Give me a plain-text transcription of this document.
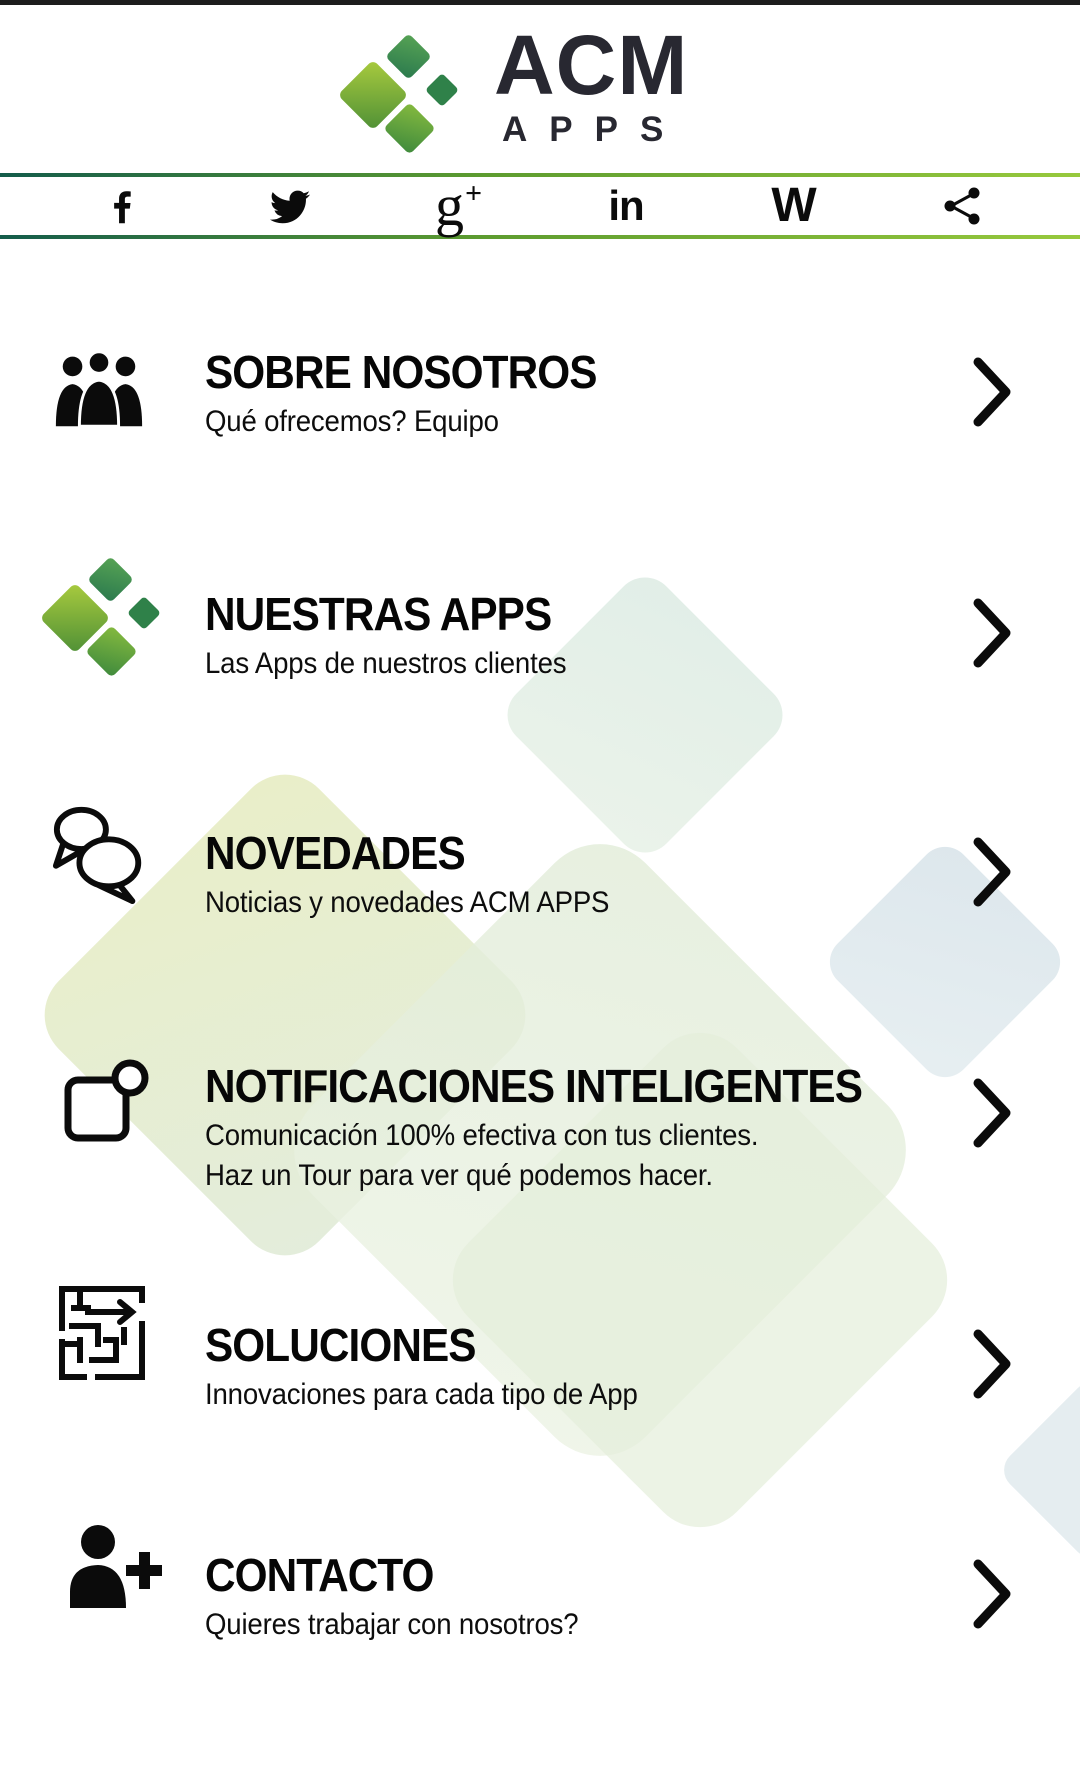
ACM
APPS
g+	in	W
SOBRE NOSOTROS
Qué ofrecemos? Equipo
NUESTRAS APPS
Las Apps de nuestros clientes
NOVEDADES
Noticias y novedades ACM APPS
NOTIFICACIONES INTELIGENTES
Comunicación 100% efectiva con tus clientes.
Haz un Tour para ver qué podemos hacer.
SOLUCIONES
Innovaciones para cada tipo de App
CONTACTO
Quieres trabajar con nosotros?
